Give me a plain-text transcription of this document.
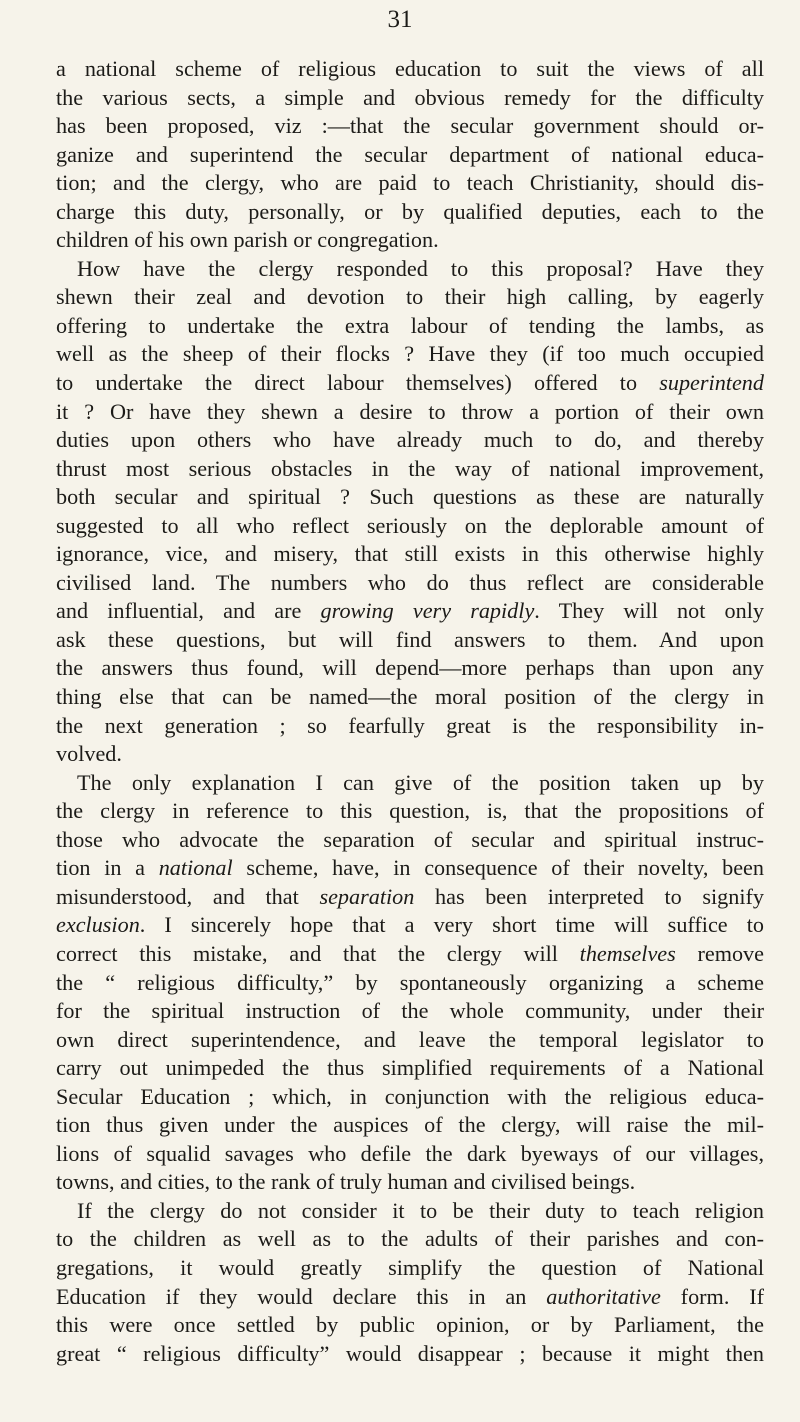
31
a national scheme of religious education to suit the views of all
the various sects, a simple and obvious remedy for the difficulty
has been proposed, viz :—that the secular government should or-
ganize and superintend the secular department of national educa-
tion; and the clergy, who are paid to teach Christianity, should dis-
charge this duty, personally, or by qualified deputies, each to the
children of his own parish or congregation.
How have the clergy responded to this proposal? Have they
shewn their zeal and devotion to their high calling, by eagerly
offering to undertake the extra labour of tending the lambs, as
well as the sheep of their flocks ? Have they (if too much occupied
to undertake the direct labour themselves) offered to superintend
it ? Or have they shewn a desire to throw a portion of their own
duties upon others who have already much to do, and thereby
thrust most serious obstacles in the way of national improvement,
both secular and spiritual ? Such questions as these are naturally
suggested to all who reflect seriously on the deplorable amount of
ignorance, vice, and misery, that still exists in this otherwise highly
civilised land. The numbers who do thus reflect are considerable
and influential, and are growing very rapidly. They will not only
ask these questions, but will find answers to them. And upon
the answers thus found, will depend—more perhaps than upon any
thing else that can be named—the moral position of the clergy in
the next generation ; so fearfully great is the responsibility in-
volved.
The only explanation I can give of the position taken up by
the clergy in reference to this question, is, that the propositions of
those who advocate the separation of secular and spiritual instruc-
tion in a national scheme, have, in consequence of their novelty, been
misunderstood, and that separation has been interpreted to signify
exclusion. I sincerely hope that a very short time will suffice to
correct this mistake, and that the clergy will themselves remove
the “ religious difficulty,” by spontaneously organizing a scheme
for the spiritual instruction of the whole community, under their
own direct superintendence, and leave the temporal legislator to
carry out unimpeded the thus simplified requirements of a National
Secular Education ; which, in conjunction with the religious educa-
tion thus given under the auspices of the clergy, will raise the mil-
lions of squalid savages who defile the dark byeways of our villages,
towns, and cities, to the rank of truly human and civilised beings.
If the clergy do not consider it to be their duty to teach religion
to the children as well as to the adults of their parishes and con-
gregations, it would greatly simplify the question of National
Education if they would declare this in an authoritative form. If
this were once settled by public opinion, or by Parliament, the
great “ religious difficulty” would disappear ; because it might then
